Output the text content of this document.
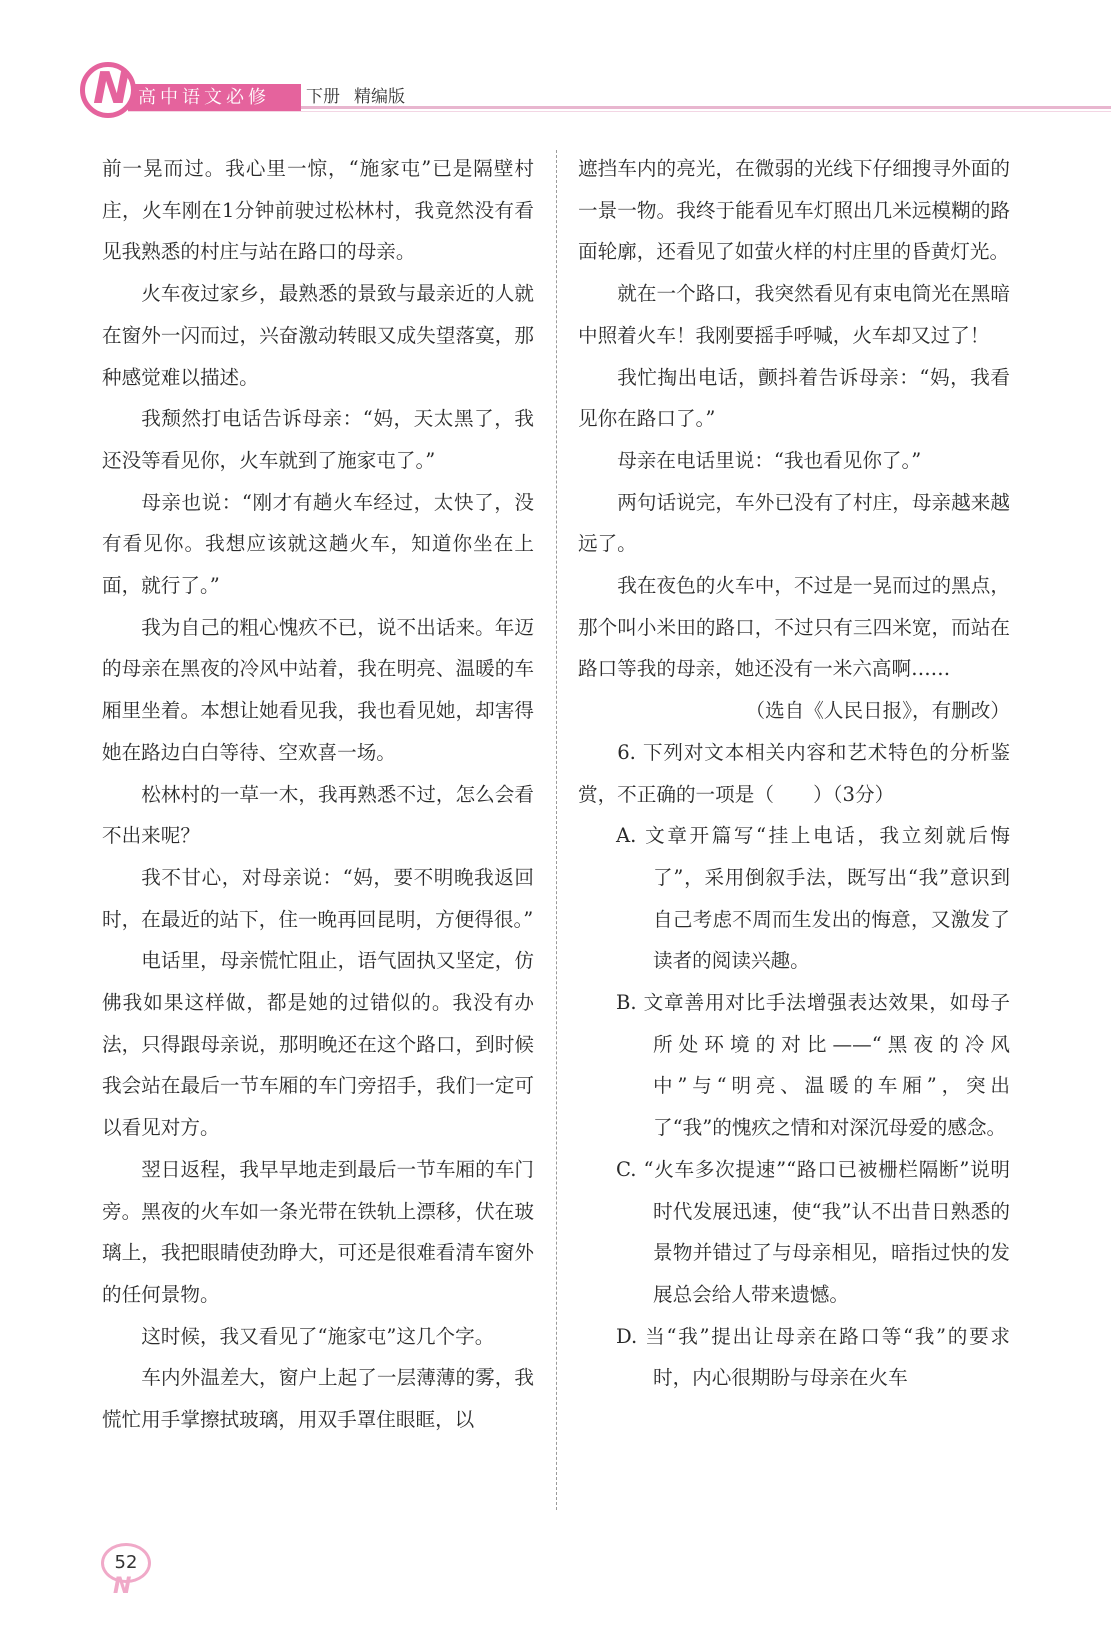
N 高中语文必修 下册 精编版

前一晃而过。我心里一惊，“施家屯”已是隔壁村庄，火车刚在1分钟前驶过松林村，我竟然没有看见我熟悉的村庄与站在路口的母亲。

火车夜过家乡，最熟悉的景致与最亲近的人就在窗外一闪而过，兴奋激动转眼又成失望落寞，那种感觉难以描述。

我颓然打电话告诉母亲：“妈，天太黑了，我还没等看见你，火车就到了施家屯了。”

母亲也说：“刚才有趟火车经过，太快了，没有看见你。我想应该就这趟火车，知道你坐在上面，就行了。”

我为自己的粗心愧疚不已，说不出话来。年迈的母亲在黑夜的冷风中站着，我在明亮、温暖的车厢里坐着。本想让她看见我，我也看见她，却害得她在路边白白等待、空欢喜一场。

松林村的一草一木，我再熟悉不过，怎么会看不出来呢？

我不甘心，对母亲说：“妈，要不明晚我返回时，在最近的站下，住一晚再回昆明，方便得很。”

电话里，母亲慌忙阻止，语气固执又坚定，仿佛我如果这样做，都是她的过错似的。我没有办法，只得跟母亲说，那明晚还在这个路口，到时候我会站在最后一节车厢的车门旁招手，我们一定可以看见对方。

翌日返程，我早早地走到最后一节车厢的车门旁。黑夜的火车如一条光带在铁轨上漂移，伏在玻璃上，我把眼睛使劲睁大，可还是很难看清车窗外的任何景物。

这时候，我又看见了“施家屯”这几个字。

车内外温差大，窗户上起了一层薄薄的雾，我慌忙用手掌擦拭玻璃，用双手罩住眼眶，以

遮挡车内的亮光，在微弱的光线下仔细搜寻外面的一景一物。我终于能看见车灯照出几米远模糊的路面轮廓，还看见了如萤火样的村庄里的昏黄灯光。

就在一个路口，我突然看见有束电筒光在黑暗中照着火车！我刚要摇手呼喊，火车却又过了！

我忙掏出电话，颤抖着告诉母亲：“妈，我看见你在路口了。”

母亲在电话里说：“我也看见你了。”

两句话说完，车外已没有了村庄，母亲越来越远了。

我在夜色的火车中，不过是一晃而过的黑点，那个叫小米田的路口，不过只有三四米宽，而站在路口等我的母亲，她还没有一米六高啊……

（选自《人民日报》，有删改）

6. 下列对文本相关内容和艺术特色的分析鉴赏，不正确的一项是（　　）（3分）

A. 文章开篇写“挂上电话，我立刻就后悔了”，采用倒叙手法，既写出“我”意识到自己考虑不周而生发出的悔意，又激发了读者的阅读兴趣。

B. 文章善用对比手法增强表达效果，如母子所处环境的对比——“黑夜的冷风中”与“明亮、温暖的车厢”，突出了“我”的愧疚之情和对深沉母爱的感念。

C. “火车多次提速”“路口已被栅栏隔断”说明时代发展迅速，使“我”认不出昔日熟悉的景物并错过了与母亲相见，暗指过快的发展总会给人带来遗憾。

D. 当“我”提出让母亲在路口等“我”的要求时，内心很期盼与母亲在火车

52
N
